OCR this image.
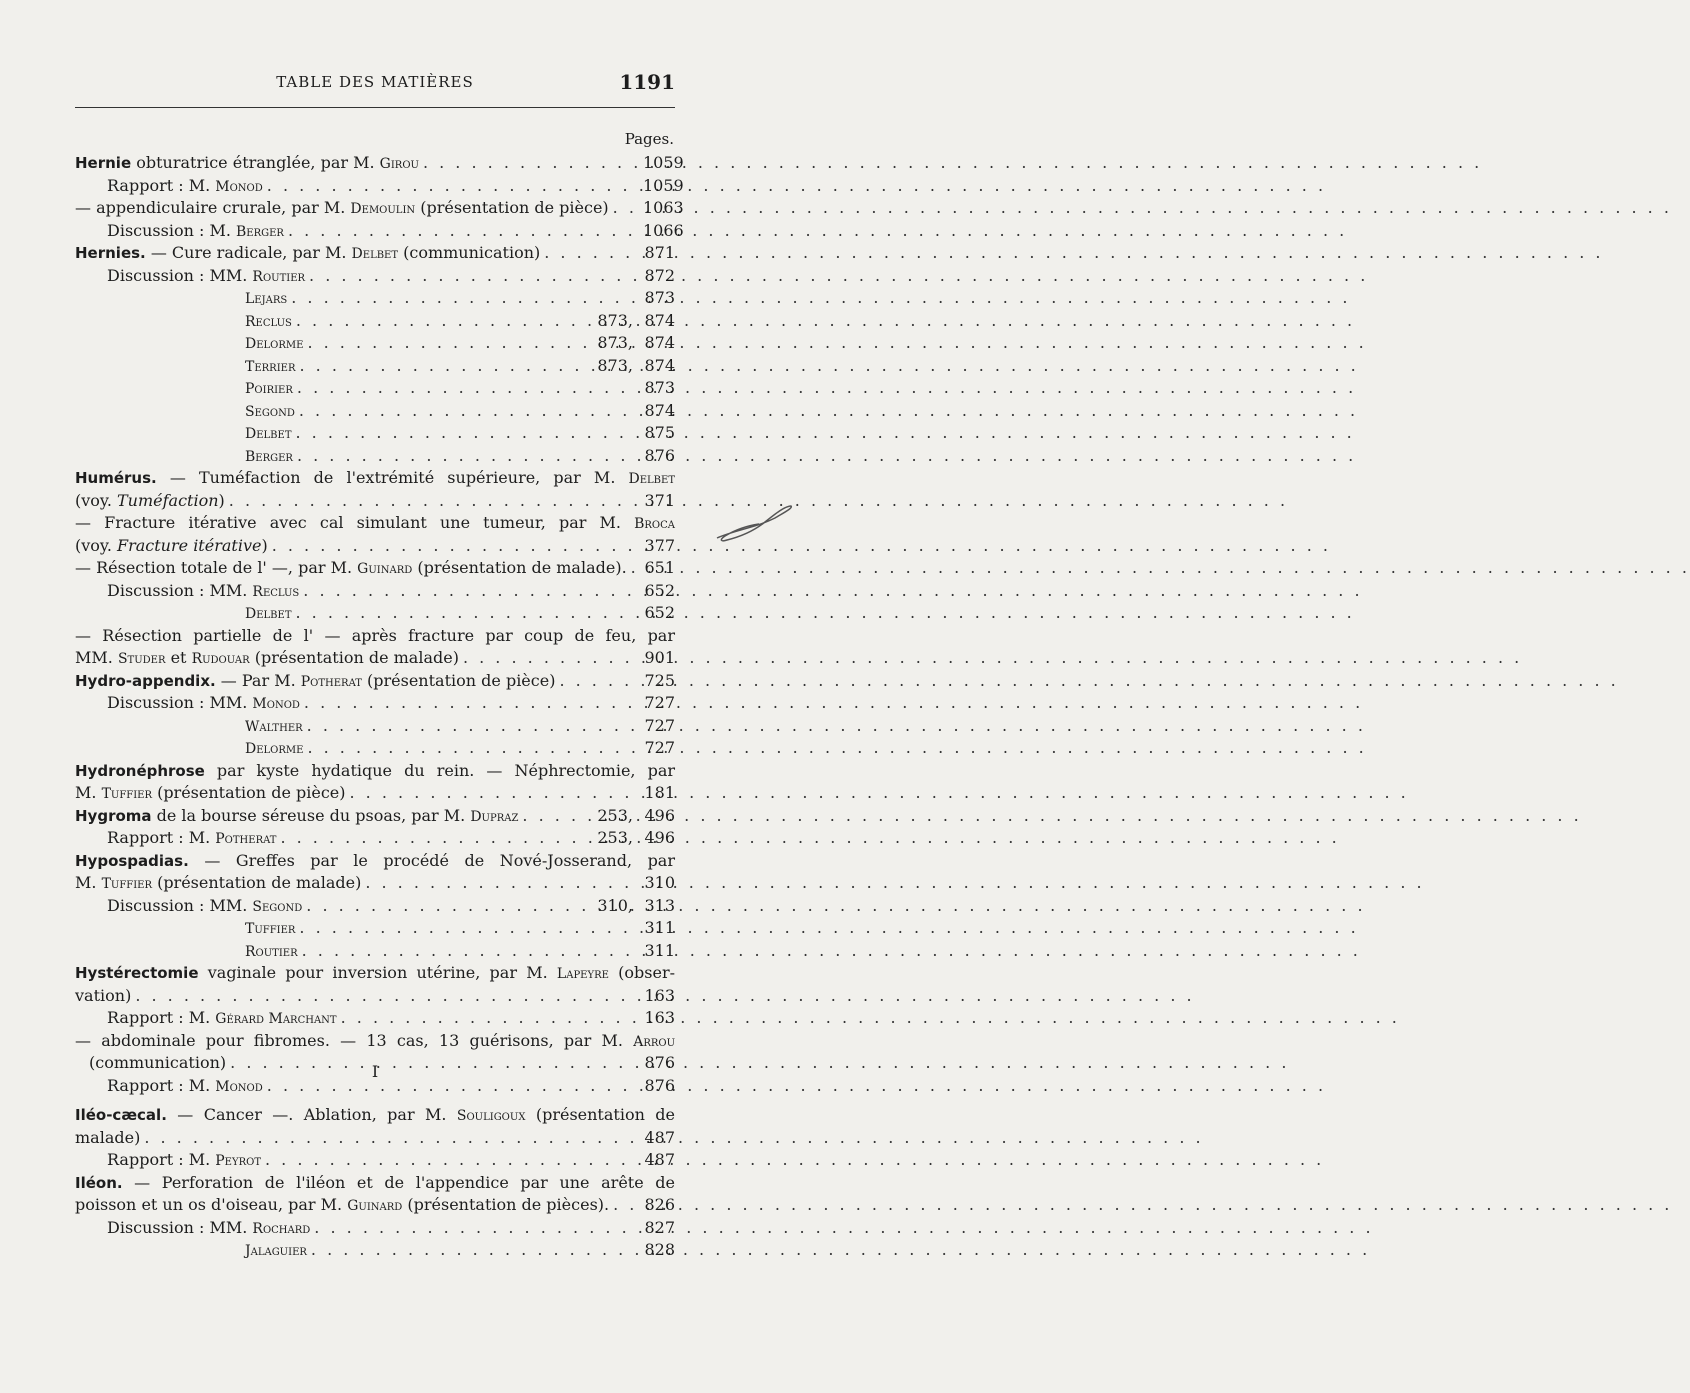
TABLE DES MATIÈRES	1191
Pages.
Hernie obturatrice étranglée, par M. Girou . . .	1059
Rapport : M. Monod . . .	1059
— appendiculaire crurale, par M. Demoulin (présentation de pièce) . . . 1063
Discussion : M. Berger . . .	1066
Hernies. — Cure radicale, par M. Delbet (communication) . . .	871
Discussion : MM. Routier . . .	872
Lejars . . .	873
Reclus . . .	873, 874
Delorme . . .	873, 874
Terrier . . .	873, 874
Poirier . . .	873
Segond . . .	874
Delbet . . .	875
Berger . . .	876
Humérus. — Tuméfaction de l'extrémité supérieure, par M. Delbet
(voy. Tuméfaction) . . .	371
— Fracture itérative avec cal simulant une tumeur, par M. Broca
(voy. Fracture itérative) . . .	377
— Résection totale de l' —, par M. Guinard (présentation de malade). . . . 651
Discussion : MM. Reclus . . .	652
Delbet . . .	652
— Résection partielle de l' — après fracture par coup de feu, par
MM. Studer et Rudouar (présentation de malade) . . .	901
Hydro-appendix. — Par M. Potherat (présentation de pièce) . . .	725
Discussion : MM. Monod . . .	727
Walther . . .	727
Delorme . . .	727
Hydronéphrose par kyste hydatique du rein. — Néphrectomie, par
M. Tuffier (présentation de pièce) . . .	181
Hygroma de la bourse séreuse du psoas, par M. Dupraz . . .	253, 496
Rapport : M. Potherat . . .	253, 496
Hypospadias. — Greffes par le procédé de Nové-Josserand, par
M. Tuffier (présentation de malade) . . .	310
Discussion : MM. Segond . . .	310, 313
Tuffier . . .	311
Routier . . .	311
Hystérectomie vaginale pour inversion utérine, par M. Lapeyre (obser-
vation) . . .	163
Rapport : M. Gérard Marchant . . .	163
— abdominale pour fibromes. — 13 cas, 13 guérisons, par M. Arrou
(communication) . . .	876
Rapport : M. Monod . . .	876
I
Iléo-cæcal. — Cancer —. Ablation, par M. Souligoux (présentation de
malade) . . .	487
Rapport : M. Peyrot . . .	487
Iléon. — Perforation de l'iléon et de l'appendice par une arête de
poisson et un os d'oiseau, par M. Guinard (présentation de pièces). . . . 826
Discussion : MM. Rochard . . .	827
Jalaguier . . .	828
